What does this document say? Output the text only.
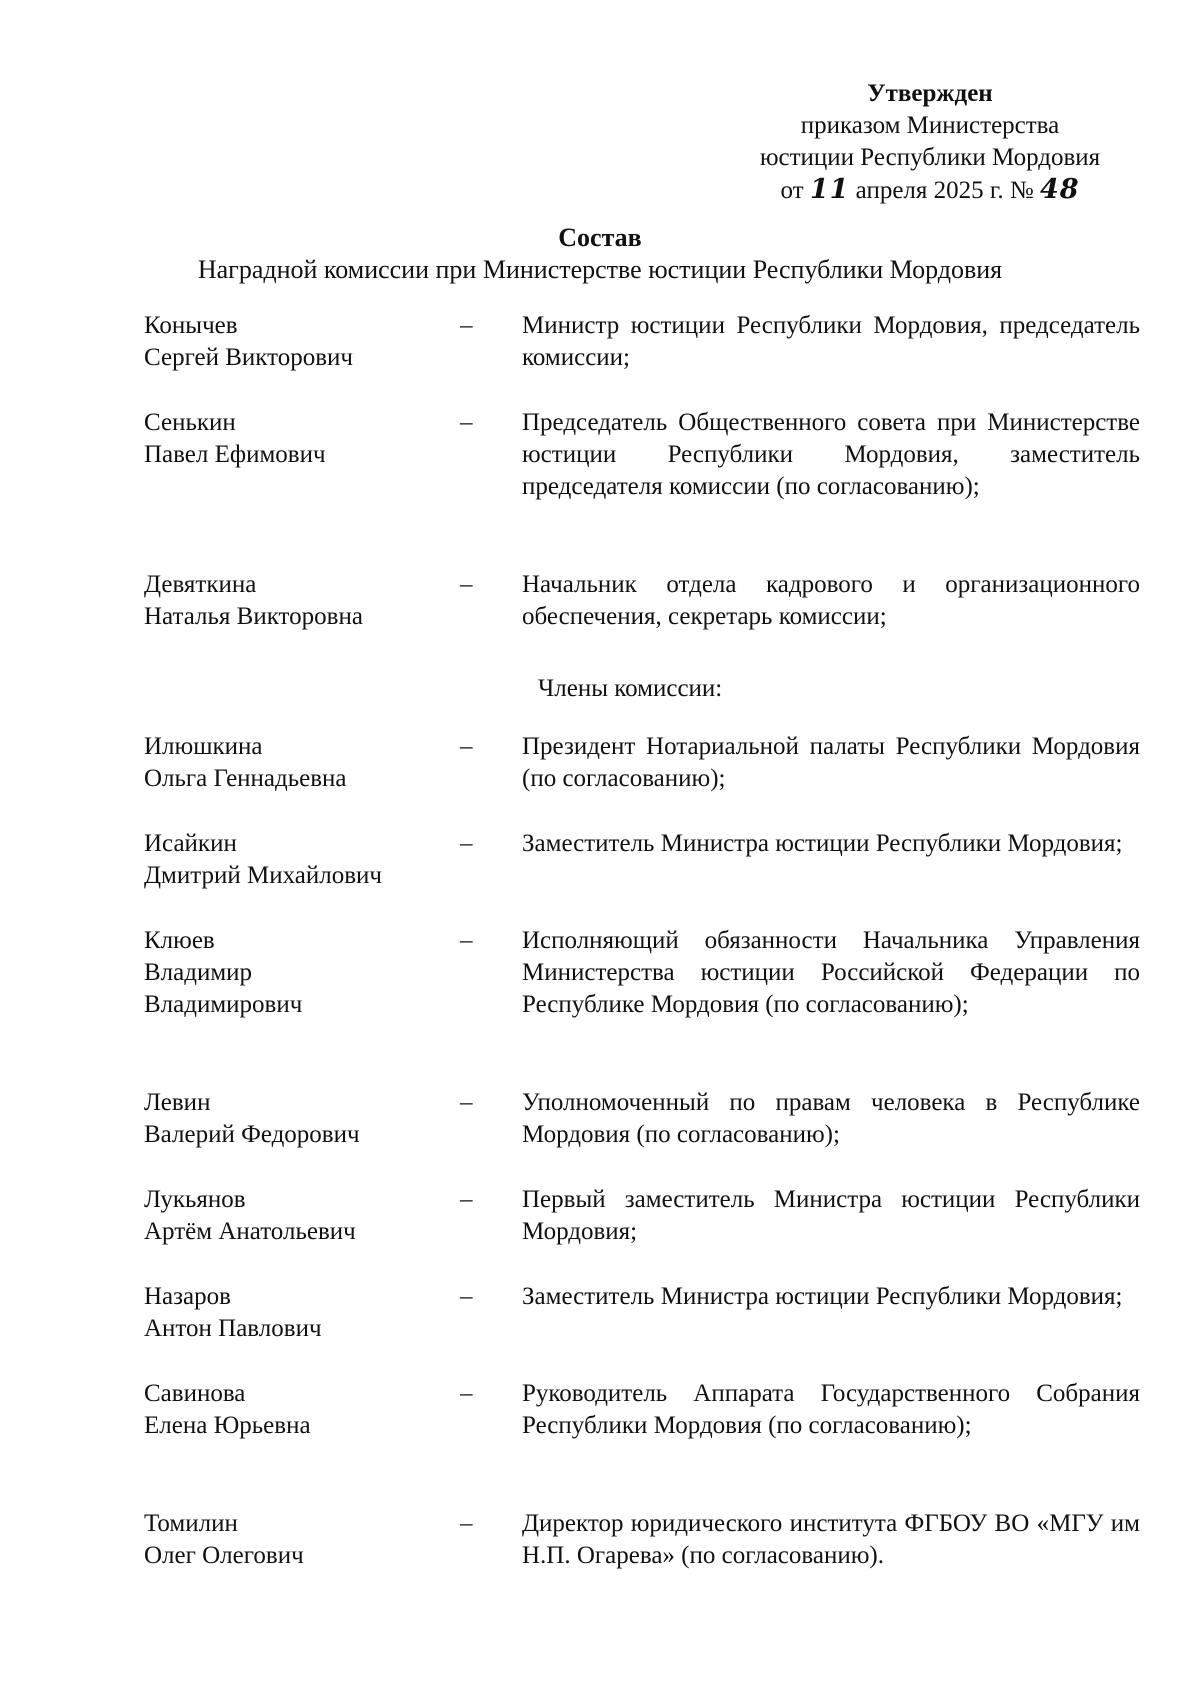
Утвержден
приказом Министерства
юстиции Республики Мордовия
от 11 апреля 2025 г. № 48
Состав
Наградной комиссии при Министерстве юстиции Республики Мордовия
Конычев
Сергей Викторович
– Министр юстиции Республики Мордовия, председатель комиссии;
Сенькин
Павел Ефимович
– Председатель Общественного совета при Министерстве юстиции Республики Мордовия, заместитель председателя комиссии (по согласованию);
Девяткина
Наталья Викторовна
– Начальник отдела кадрового и организационного обеспечения, секретарь комиссии;
Члены комиссии:
Илюшкина
Ольга Геннадьевна
– Президент Нотариальной палаты Республики Мордовия (по согласованию);
Исайкин
Дмитрий Михайлович
– Заместитель Министра юстиции Республики Мордовия;
Клюев
Владимир
Владимирович
– Исполняющий обязанности Начальника Управления Министерства юстиции Российской Федерации по Республике Мордовия (по согласованию);
Левин
Валерий Федорович
– Уполномоченный по правам человека в Республике Мордовия (по согласованию);
Лукьянов
Артём Анатольевич
– Первый заместитель Министра юстиции Республики Мордовия;
Назаров
Антон Павлович
– Заместитель Министра юстиции Республики Мордовия;
Савинова
Елена Юрьевна
– Руководитель Аппарата Государственного Собрания Республики Мордовия (по согласованию);
Томилин
Олег Олегович
– Директор юридического института ФГБОУ ВО «МГУ им Н.П. Огарева» (по согласованию).
